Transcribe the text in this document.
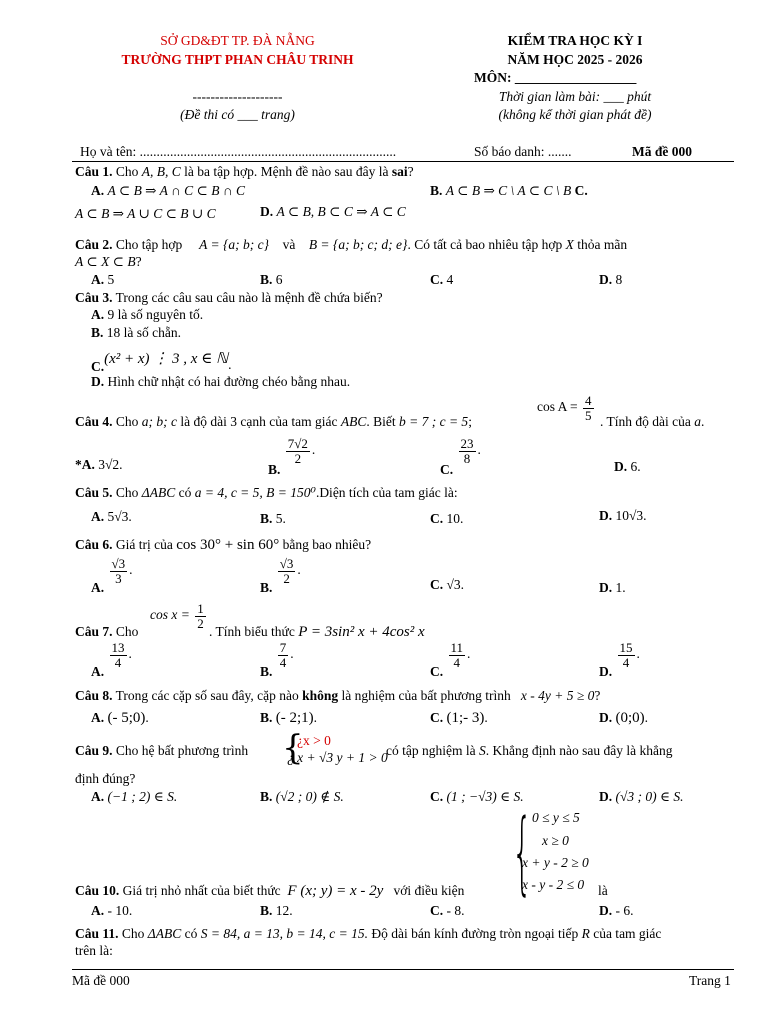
SỞ GD&ĐT TP. ĐÀ NẴNG
TRƯỜNG THPT PHAN CHÂU TRINH
--------------------
(Đề thi có ___ trang)
KIỂM TRA HỌC KỲ I
NĂM HỌC 2025 - 2026
MÔN: __________________
Thời gian làm bài: ___ phút
(không kể thời gian phát đề)
Họ và tên: ............................................................................	Số báo danh: .......	Mã đề 000
Câu 1. Cho A, B, C là ba tập hợp. Mệnh đề nào sau đây là sai?
A. A ⊂ B ⇒ A ∩ C ⊂ B ∩ C	B. A ⊂ B ⇒ C \ A ⊂ C \ B C.
A ⊂ B ⇒ A ∪ C ⊂ B ∪ C	D. A ⊂ B, B ⊂ C ⇒ A ⊂ C
Câu 2. Cho tập hợp     A = {a; b; c}    và    B = {a; b; c; d; e}. Có tất cả bao nhiêu tập hợp X thỏa mãn
A ⊂ X ⊂ B?
A. 5	B. 6	C. 4	D. 8
Câu 3. Trong các câu sau câu nào là mệnh đề chứa biến?
A. 9 là số nguyên tố.
B. 18 là số chẵn.
C.(x² + x) ⋮ 3 , x ∈ ℕ.
D. Hình chữ nhật có hai đường chéo bằng nhau.
Câu 4. Cho a; b; c là độ dài 3 cạnh của tam giác ABC. Biết b = 7 ; c = 5;
$\cos A = \frac{4}{5}$ . Tính độ dài của a.
*A. 3√2.	B.
$\frac{7√2}{2}$ .
C.
$\frac{23}{8}$ .
D. 6.
Câu 5. Cho ΔABC có a = 4, c = 5, B = 150⁰.Diện tích của tam giác là:
A. 5√3.	B. 5.	C. 10.	D. 10√3.
Câu 6. Giá trị của cos 30° + sin 60° bằng bao nhiêu?
A.
$\frac{√3}{3}$ .
B.
$\frac{√3}{2}$ .
C. √3.	D. 1.
Câu 7. Cho
$\cos x = \frac{1}{2}$
. Tính biểu thức P = 3sin² x + 4cos² x
A.
$\frac{13}{4}$ .
B.
$\frac{7}{4}$ .
C.
$\frac{11}{4}$ .
D.
$\frac{15}{4}$ .
Câu 8. Trong các cặp số sau đây, cặp nào không là nghiệm của bất phương trình   x - 4y + 5 ≥ 0?
A. (- 5;0).	B. (- 2;1).	C. (1;- 3).	D. (0;0).
Câu 9. Cho hệ bất phương trình {
¿x > 0
¿ x + √3 y + 1 > 0
có tập nghiệm là S. Khẳng định nào sau đây là khẳng
định đúng?
A. (−1 ; 2) ∈ S.	B. (√2 ; 0) ∉ S.	C. (1 ; −√3) ∈ S.	D. (√3 ; 0) ∈ S.
{ 0 ≤ y ≤ 5
x ≥ 0
x + y - 2 ≥ 0
x - y - 2 ≤ 0
Câu 10. Giá trị nhỏ nhất của biết thức  F (x; y) = x - 2y   với điều kiện	là
A. - 10.	B. 12.	C. - 8.	D. - 6.
Câu 11. Cho ΔABC có S = 84, a = 13, b = 14, c = 15. Độ dài bán kính đường tròn ngoại tiếp R của tam giác
trên là:
Mã đề 000	Trang 1
